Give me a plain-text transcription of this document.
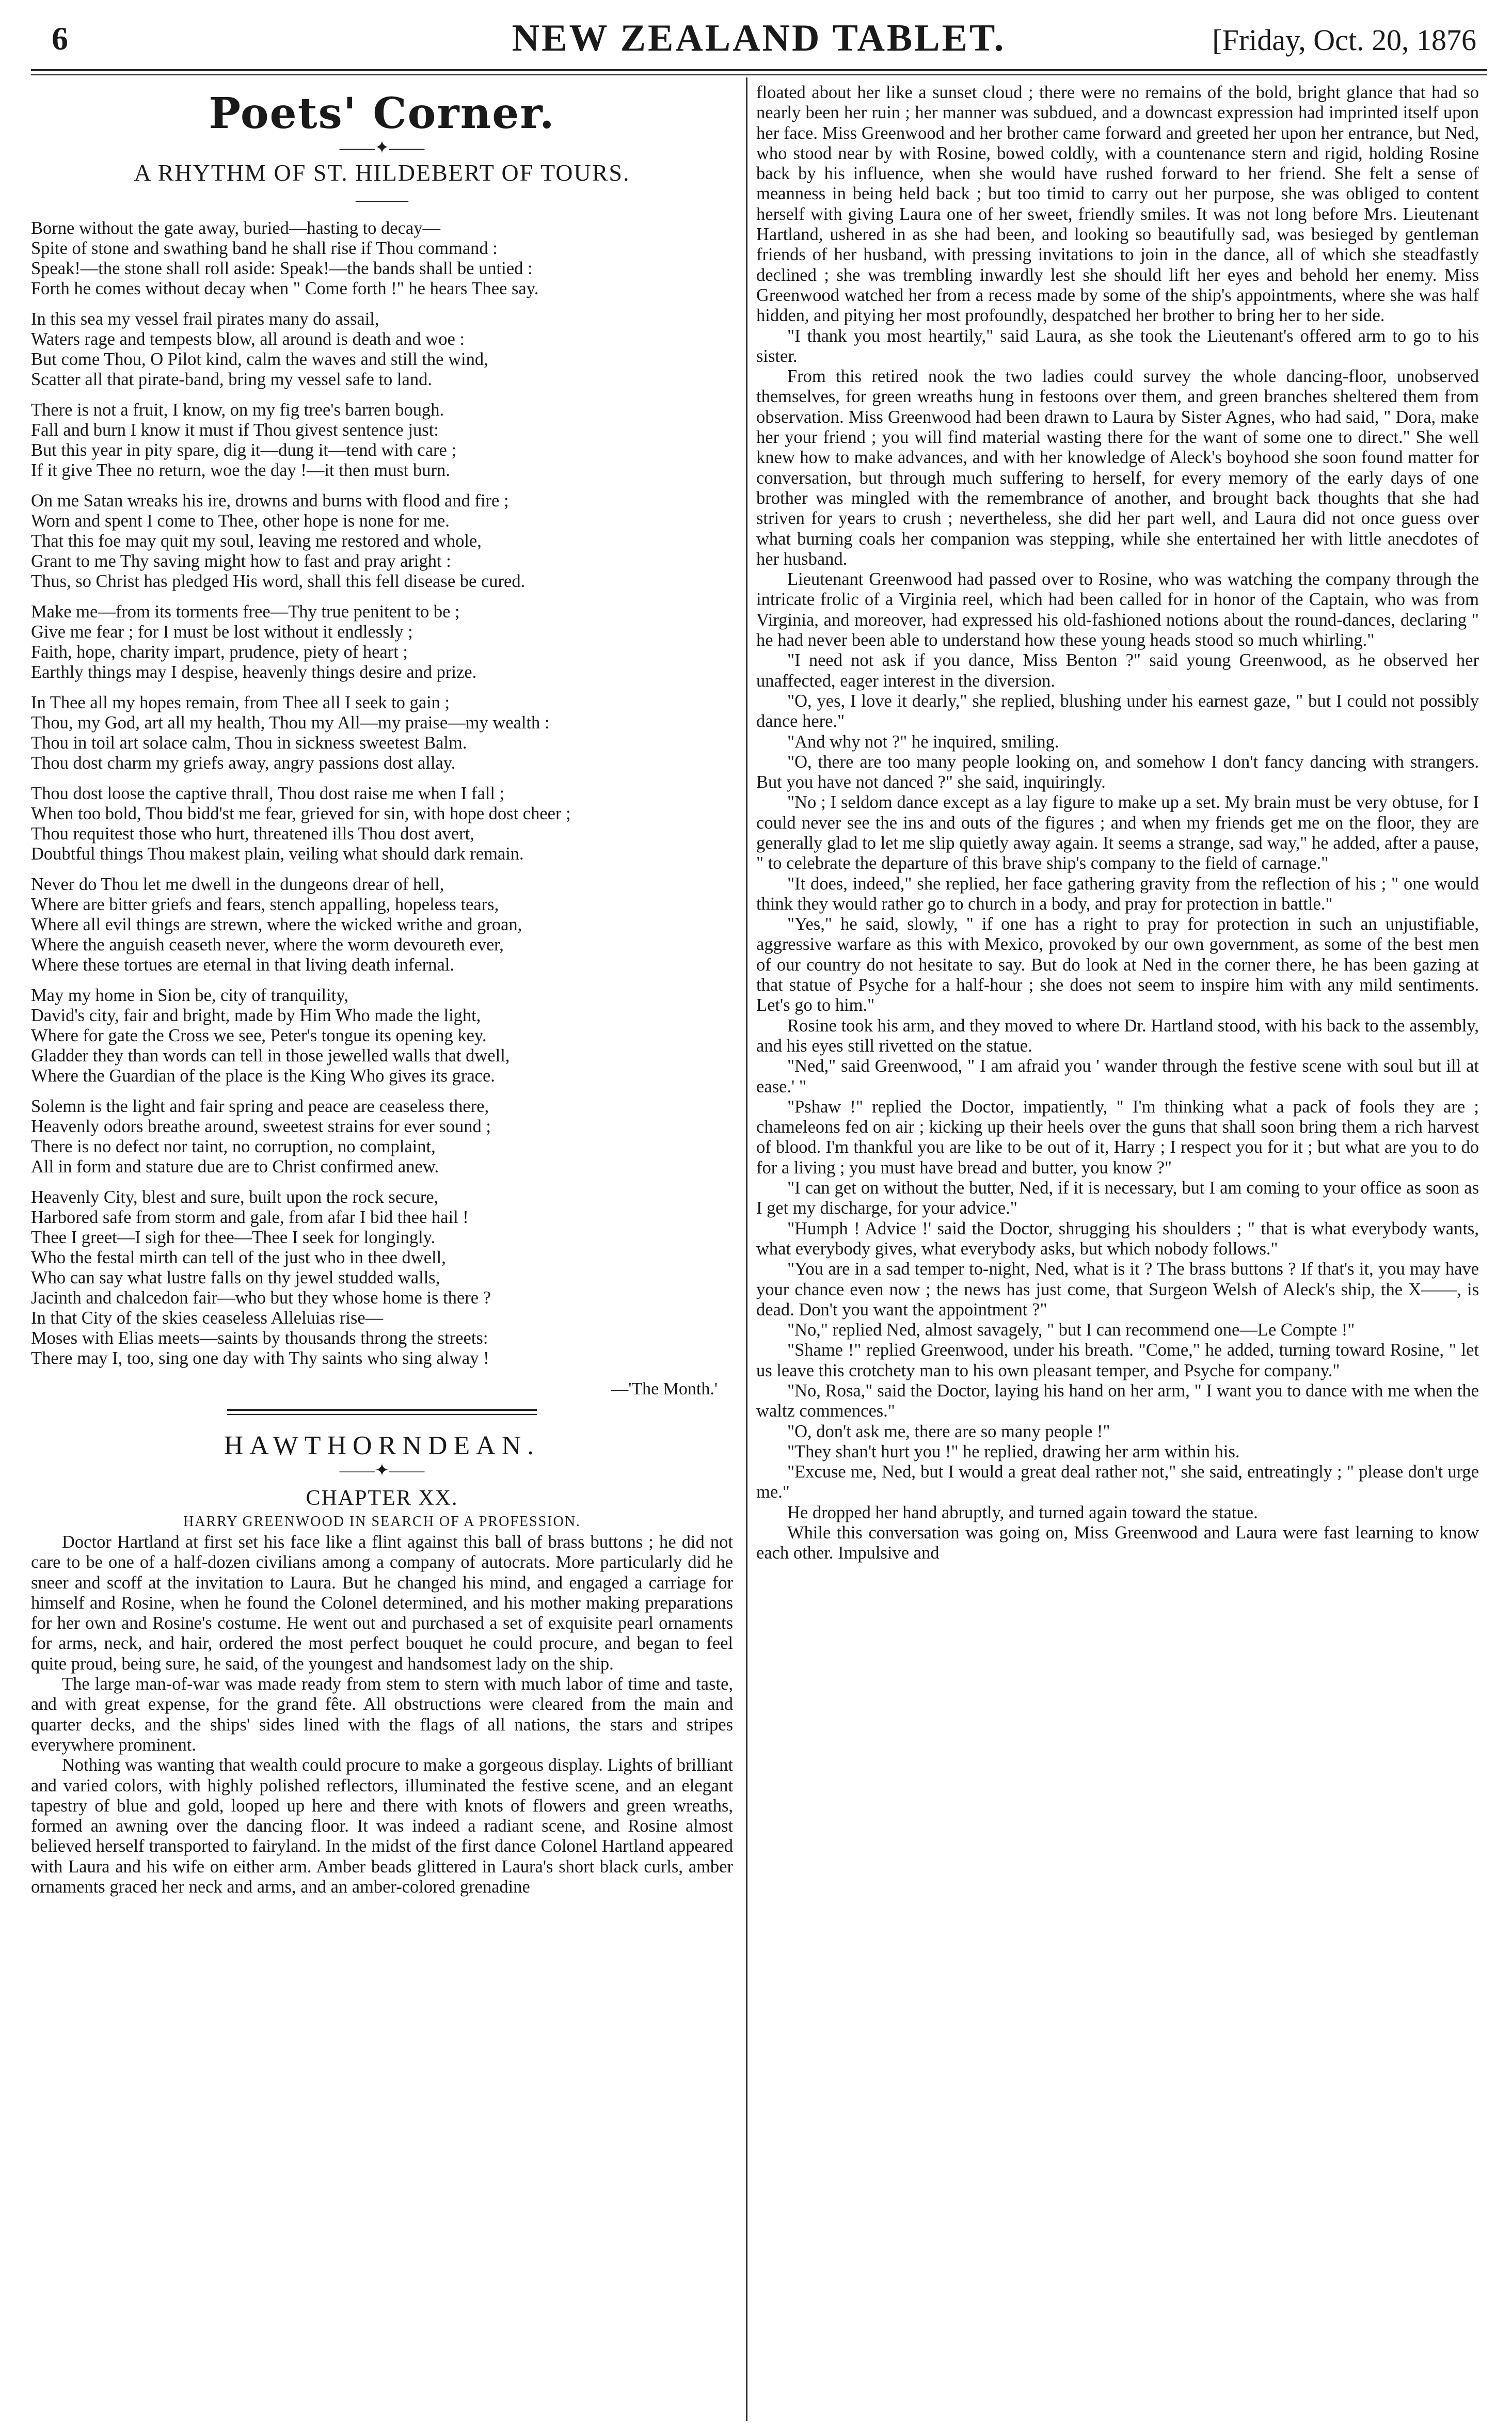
6	NEW ZEALAND TABLET.	[Friday, Oct. 20, 1876
Poets' Corner.
——✦——
A RHYTHM OF ST. HILDEBERT OF TOURS.
———
Borne without the gate away, buried—hasting to decay—
Spite of stone and swathing band he shall rise if Thou command :
Speak!—the stone shall roll aside: Speak!—the bands shall be untied :
Forth he comes without decay when " Come forth !" he hears Thee say.
In this sea my vessel frail pirates many do assail,
Waters rage and tempests blow, all around is death and woe :
But come Thou, O Pilot kind, calm the waves and still the wind,
Scatter all that pirate-band, bring my vessel safe to land.
There is not a fruit, I know, on my fig tree's barren bough.
Fall and burn I know it must if Thou givest sentence just:
But this year in pity spare, dig it—dung it—tend with care ;
If it give Thee no return, woe the day !—it then must burn.
On me Satan wreaks his ire, drowns and burns with flood and fire ;
Worn and spent I come to Thee, other hope is none for me.
That this foe may quit my soul, leaving me restored and whole,
Grant to me Thy saving might how to fast and pray aright :
Thus, so Christ has pledged His word, shall this fell disease be cured.
Make me—from its torments free—Thy true penitent to be ;
Give me fear ; for I must be lost without it endlessly ;
Faith, hope, charity impart, prudence, piety of heart ;
Earthly things may I despise, heavenly things desire and prize.
In Thee all my hopes remain, from Thee all I seek to gain ;
Thou, my God, art all my health, Thou my All—my praise—my wealth :
Thou in toil art solace calm, Thou in sickness sweetest Balm.
Thou dost charm my griefs away, angry passions dost allay.
Thou dost loose the captive thrall, Thou dost raise me when I fall ;
When too bold, Thou bidd'st me fear, grieved for sin, with hope dost cheer ;
Thou requitest those who hurt, threatened ills Thou dost avert,
Doubtful things Thou makest plain, veiling what should dark remain.
Never do Thou let me dwell in the dungeons drear of hell,
Where are bitter griefs and fears, stench appalling, hopeless tears,
Where all evil things are strewn, where the wicked writhe and groan,
Where the anguish ceaseth never, where the worm devoureth ever,
Where these tortues are eternal in that living death infernal.
May my home in Sion be, city of tranquility,
David's city, fair and bright, made by Him Who made the light,
Where for gate the Cross we see, Peter's tongue its opening key.
Gladder they than words can tell in those jewelled walls that dwell,
Where the Guardian of the place is the King Who gives its grace.
Solemn is the light and fair spring and peace are ceaseless there,
Heavenly odors breathe around, sweetest strains for ever sound ;
There is no defect nor taint, no corruption, no complaint,
All in form and stature due are to Christ confirmed anew.
Heavenly City, blest and sure, built upon the rock secure,
Harbored safe from storm and gale, from afar I bid thee hail !
Thee I greet—I sigh for thee—Thee I seek for longingly.
Who the festal mirth can tell of the just who in thee dwell,
Who can say what lustre falls on thy jewel studded walls,
Jacinth and chalcedon fair—who but they whose home is there ?
In that City of the skies ceaseless Alleluias rise—
Moses with Elias meets—saints by thousands throng the streets:
There may I, too, sing one day with Thy saints who sing alway !
—'The Month.'
HAWTHORNDEAN.
——✦——
CHAPTER XX.
HARRY GREENWOOD IN SEARCH OF A PROFESSION.

Doctor Hartland at first set his face like a flint against this ball of brass buttons ; he did not care to be one of a half-dozen civilians among a company of autocrats. More particularly did he sneer and scoff at the invitation to Laura. But he changed his mind, and engaged a carriage for himself and Rosine, when he found the Colonel determined, and his mother making preparations for her own and Rosine's costume. He went out and purchased a set of exquisite pearl ornaments for arms, neck, and hair, ordered the most perfect bouquet he could procure, and began to feel quite proud, being sure, he said, of the youngest and handsomest lady on the ship.

The large man-of-war was made ready from stem to stern with much labor of time and taste, and with great expense, for the grand fête. All obstructions were cleared from the main and quarter decks, and the ships' sides lined with the flags of all nations, the stars and stripes everywhere prominent.

Nothing was wanting that wealth could procure to make a gorgeous display. Lights of brilliant and varied colors, with highly polished reflectors, illuminated the festive scene, and an elegant tapestry of blue and gold, looped up here and there with knots of flowers and green wreaths, formed an awning over the dancing floor. It was indeed a radiant scene, and Rosine almost believed herself transported to fairyland. In the midst of the first dance Colonel Hartland appeared with Laura and his wife on either arm. Amber beads glittered in Laura's short black curls, amber ornaments graced her neck and arms, and an amber-colored grenadine

floated about her like a sunset cloud ; there were no remains of the bold, bright glance that had so nearly been her ruin ; her manner was subdued, and a downcast expression had imprinted itself upon her face. Miss Greenwood and her brother came forward and greeted her upon her entrance, but Ned, who stood near by with Rosine, bowed coldly, with a countenance stern and rigid, holding Rosine back by his influence, when she would have rushed forward to her friend. She felt a sense of meanness in being held back ; but too timid to carry out her purpose, she was obliged to content herself with giving Laura one of her sweet, friendly smiles. It was not long before Mrs. Lieutenant Hartland, ushered in as she had been, and looking so beautifully sad, was besieged by gentleman friends of her husband, with pressing invitations to join in the dance, all of which she steadfastly declined ; she was trembling inwardly lest she should lift her eyes and behold her enemy. Miss Greenwood watched her from a recess made by some of the ship's appointments, where she was half hidden, and pitying her most profoundly, despatched her brother to bring her to her side.

"I thank you most heartily," said Laura, as she took the Lieutenant's offered arm to go to his sister.

From this retired nook the two ladies could survey the whole dancing-floor, unobserved themselves, for green wreaths hung in festoons over them, and green branches sheltered them from observation. Miss Greenwood had been drawn to Laura by Sister Agnes, who had said, " Dora, make her your friend ; you will find material wasting there for the want of some one to direct." She well knew how to make advances, and with her knowledge of Aleck's boyhood she soon found matter for conversation, but through much suffering to herself, for every memory of the early days of one brother was mingled with the remembrance of another, and brought back thoughts that she had striven for years to crush ; nevertheless, she did her part well, and Laura did not once guess over what burning coals her companion was stepping, while she entertained her with little anecdotes of her husband.

Lieutenant Greenwood had passed over to Rosine, who was watching the company through the intricate frolic of a Virginia reel, which had been called for in honor of the Captain, who was from Virginia, and moreover, had expressed his old-fashioned notions about the round-dances, declaring " he had never been able to understand how these young heads stood so much whirling."

"I need not ask if you dance, Miss Benton ?" said young Greenwood, as he observed her unaffected, eager interest in the diversion.

"O, yes, I love it dearly," she replied, blushing under his earnest gaze, " but I could not possibly dance here."

"And why not ?" he inquired, smiling.

"O, there are too many people looking on, and somehow I don't fancy dancing with strangers. But you have not danced ?" she said, inquiringly.

"No ; I seldom dance except as a lay figure to make up a set. My brain must be very obtuse, for I could never see the ins and outs of the figures ; and when my friends get me on the floor, they are generally glad to let me slip quietly away again. It seems a strange, sad way," he added, after a pause, " to celebrate the departure of this brave ship's company to the field of carnage."

"It does, indeed," she replied, her face gathering gravity from the reflection of his ; " one would think they would rather go to church in a body, and pray for protection in battle."

"Yes," he said, slowly, " if one has a right to pray for protection in such an unjustifiable, aggressive warfare as this with Mexico, provoked by our own government, as some of the best men of our country do not hesitate to say. But do look at Ned in the corner there, he has been gazing at that statue of Psyche for a half-hour ; she does not seem to inspire him with any mild sentiments. Let's go to him."

Rosine took his arm, and they moved to where Dr. Hartland stood, with his back to the assembly, and his eyes still rivetted on the statue.

"Ned," said Greenwood, " I am afraid you ' wander through the festive scene with soul but ill at ease.' "

"Pshaw !" replied the Doctor, impatiently, " I'm thinking what a pack of fools they are ; chameleons fed on air ; kicking up their heels over the guns that shall soon bring them a rich harvest of blood. I'm thankful you are like to be out of it, Harry ; I respect you for it ; but what are you to do for a living ; you must have bread and butter, you know ?"

"I can get on without the butter, Ned, if it is necessary, but I am coming to your office as soon as I get my discharge, for your advice."

"Humph ! Advice !' said the Doctor, shrugging his shoulders ; " that is what everybody wants, what everybody gives, what everybody asks, but which nobody follows."

"You are in a sad temper to-night, Ned, what is it ? The brass buttons ? If that's it, you may have your chance even now ; the news has just come, that Surgeon Welsh of Aleck's ship, the X——, is dead. Don't you want the appointment ?"

"No," replied Ned, almost savagely, " but I can recommend one—Le Compte !"

"Shame !" replied Greenwood, under his breath. "Come," he added, turning toward Rosine, " let us leave this crotchety man to his own pleasant temper, and Psyche for company."

"No, Rosa," said the Doctor, laying his hand on her arm, " I want you to dance with me when the waltz commences."

"O, don't ask me, there are so many people !"

"They shan't hurt you !" he replied, drawing her arm within his.

"Excuse me, Ned, but I would a great deal rather not," she said, entreatingly ; " please don't urge me."

He dropped her hand abruptly, and turned again toward the statue.

While this conversation was going on, Miss Greenwood and Laura were fast learning to know each other. Impulsive and
